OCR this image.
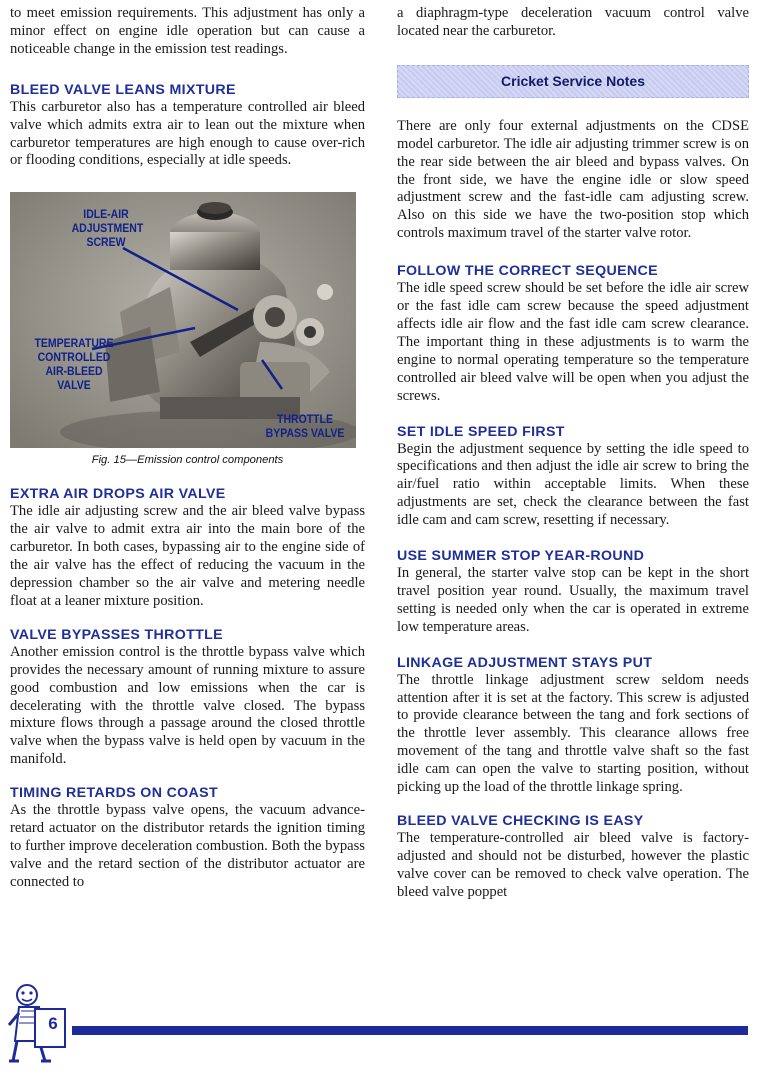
to meet emission requirements. This adjustment has only a minor effect on engine idle operation but can cause a noticeable change in the emission test readings.

BLEED VALVE LEANS MIXTURE

This carburetor also has a temperature controlled air bleed valve which admits extra air to lean out the mixture when carburetor temperatures are high enough to cause over-rich or flooding conditions, especially at idle speeds.

IDLE-AIR
ADJUSTMENT
SCREW
TEMPERATURE
CONTROLLED
AIR-BLEED
VALVE
THROTTLE
BYPASS VALVE
Fig. 15—Emission control components
EXTRA AIR DROPS AIR VALVE

The idle air adjusting screw and the air bleed valve bypass the air valve to admit extra air into the main bore of the carburetor. In both cases, bypassing air to the engine side of the air valve has the effect of reducing the vacuum in the depression chamber so the air valve and metering needle float at a leaner mixture position.

VALVE BYPASSES THROTTLE

Another emission control is the throttle bypass valve which provides the necessary amount of running mixture to assure good combustion and low emissions when the car is decelerating with the throttle valve closed. The bypass mixture flows through a passage around the closed throttle valve when the bypass valve is held open by vacuum in the manifold.

TIMING RETARDS ON COAST

As the throttle bypass valve opens, the vacuum advance-retard actuator on the distributor retards the ignition timing to further improve deceleration combustion. Both the bypass valve and the retard section of the distributor actuator are connected to

a diaphragm-type deceleration vacuum control valve located near the carburetor.

Cricket Service Notes

There are only four external adjustments on the CDSE model carburetor. The idle air adjusting trimmer screw is on the rear side between the air bleed and bypass valves. On the front side, we have the engine idle or slow speed adjustment screw and the fast-idle cam adjusting screw. Also on this side we have the two-position stop which controls maximum travel of the starter valve rotor.

FOLLOW THE CORRECT SEQUENCE

The idle speed screw should be set before the idle air screw or the fast idle cam screw because the speed adjustment affects idle air flow and the fast idle cam screw clearance. The important thing in these adjustments is to warm the engine to normal operating temperature so the temperature controlled air bleed valve will be open when you adjust the screws.

SET IDLE SPEED FIRST

Begin the adjustment sequence by setting the idle speed to specifications and then adjust the idle air screw to bring the air/fuel ratio within acceptable limits. When these adjustments are set, check the clearance between the fast idle cam and cam screw, resetting if necessary.

USE SUMMER STOP YEAR-ROUND

In general, the starter valve stop can be kept in the short travel position year round. Usually, the maximum travel setting is needed only when the car is operated in extreme low temperature areas.

LINKAGE ADJUSTMENT STAYS PUT

The throttle linkage adjustment screw seldom needs attention after it is set at the factory. This screw is adjusted to provide clearance between the tang and fork sections of the throttle lever assembly. This clearance allows free movement of the tang and throttle valve shaft so the fast idle cam can open the valve to starting position, without picking up the load of the throttle linkage spring.

BLEED VALVE CHECKING IS EASY

The temperature-controlled air bleed valve is factory-adjusted and should not be disturbed, however the plastic valve cover can be removed to check valve operation. The bleed valve poppet

6
